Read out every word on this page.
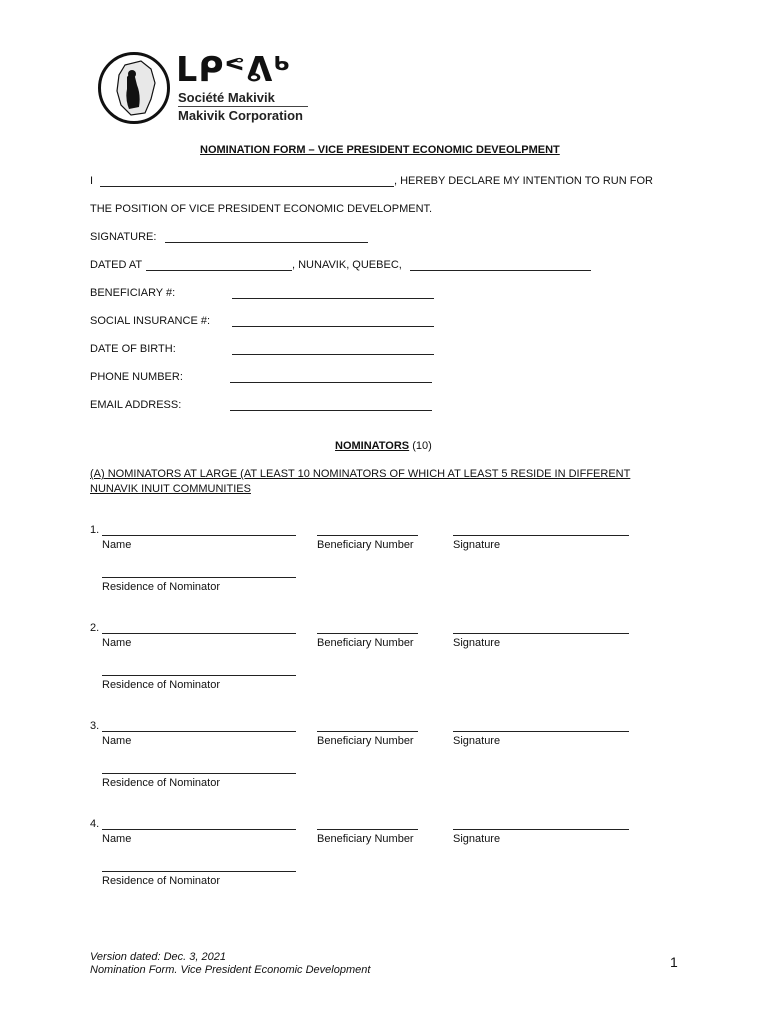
ᒪᑭᕝᕕᒃ
Société Makivik
Makivik Corporation
NOMINATION FORM – VICE PRESIDENT ECONOMIC DEVEOLPMENT
I	, HEREBY DECLARE MY INTENTION TO RUN FOR
THE POSITION OF VICE PRESIDENT ECONOMIC DEVELOPMENT.
SIGNATURE:
DATED AT	, NUNAVIK, QUEBEC,
BENEFICIARY #:
SOCIAL INSURANCE #:
DATE OF BIRTH:
PHONE NUMBER:
EMAIL ADDRESS:
NOMINATORS (10)
(A) NOMINATORS AT LARGE (AT LEAST 10 NOMINATORS OF WHICH AT LEAST 5 RESIDE IN DIFFERENT
NUNAVIK INUIT COMMUNITIES
1.
Name	Beneficiary Number	Signature
Residence of Nominator
2.
Name	Beneficiary Number	Signature
Residence of Nominator
3.
Name	Beneficiary Number	Signature
Residence of Nominator
4.
Name	Beneficiary Number	Signature
Residence of Nominator
Version dated: Dec. 3, 2021
Nomination Form. Vice President Economic Development	1
